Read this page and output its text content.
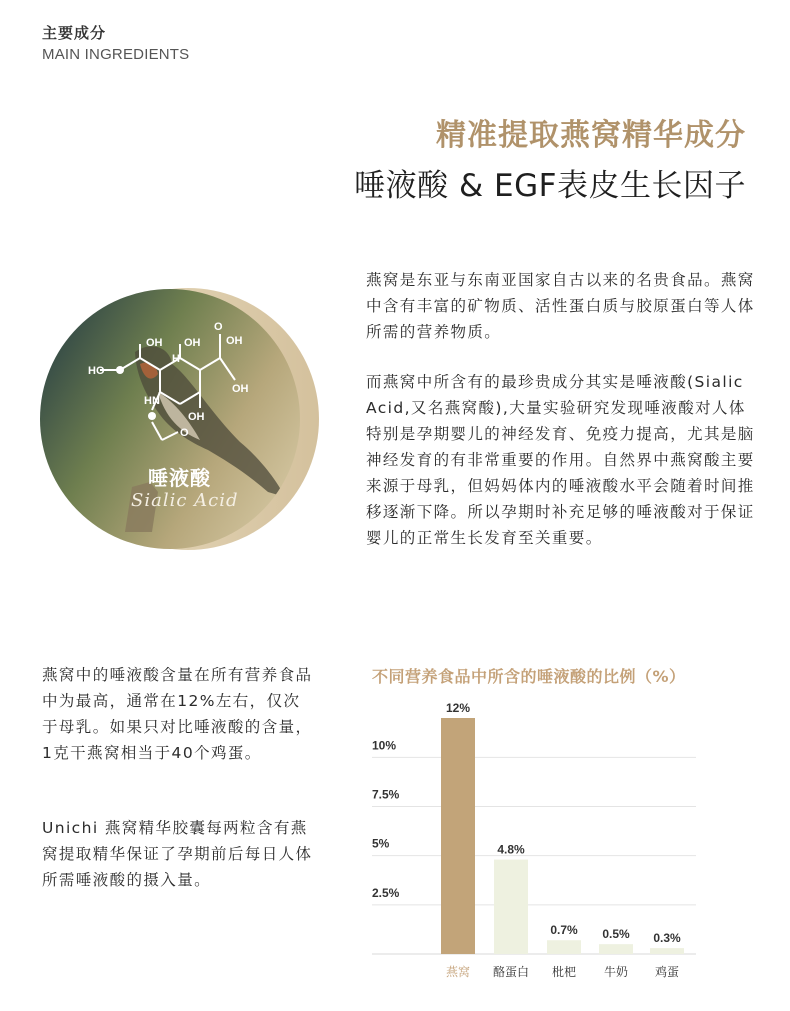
主要成分
MAIN INGREDIENTS
精准提取燕窝精华成分
唾液酸 & EGF表皮生长因子
OH OH
H
HO
O
OH
OH
HN
OH
O
唾液酸
Sialic Acid
燕窝是东亚与东南亚国家自古以来的名贵食品。燕窝中含有丰富的矿物质、活性蛋白质与胶原蛋白等人体所需的营养物质。
而燕窝中所含有的最珍贵成分其实是唾液酸(Sialic Acid,又名燕窝酸),大量实验研究发现唾液酸对人体特别是孕期婴儿的神经发育、免疫力提高，尤其是脑神经发育的有非常重要的作用。自然界中燕窝酸主要来源于母乳，但妈妈体内的唾液酸水平会随着时间推移逐渐下降。所以孕期时补充足够的唾液酸对于保证婴儿的正常生长发育至关重要。
燕窝中的唾液酸含量在所有营养食品中为最高，通常在12%左右，仅次于母乳。如果只对比唾液酸的含量，1克干燕窝相当于40个鸡蛋。
Unichi 燕窝精华胶囊每两粒含有燕窝提取精华保证了孕期前后每日人体所需唾液酸的摄入量。
不同营养食品中所含的唾液酸的比例（%）
2.5%
5%
7.5%
10%
12%
燕窝
4.8%
酪蛋白
0.7%
枇杷
0.5%
牛奶
0.3%
鸡蛋
